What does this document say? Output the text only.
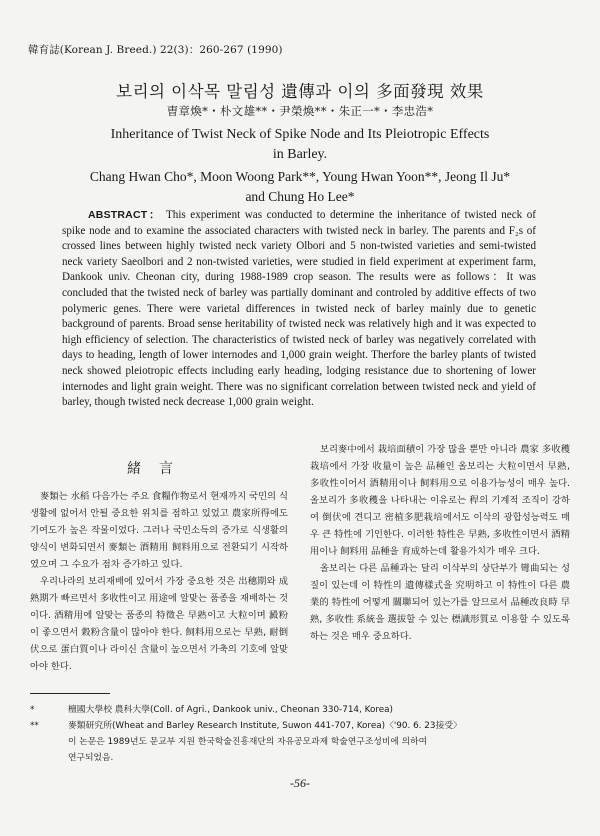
韓育誌(Korean J. Breed.) 22(3)：260-267 (1990)
보리의 이삭목 말림성 遺傳과 이의 多面發現 效果
曺章煥*・朴文雄**・尹榮煥**・朱正一*・李忠浩*
Inheritance of Twist Neck of Spike Node and Its Pleiotropic Effects
in Barley.
Chang Hwan Cho*, Moon Woong Park**, Young Hwan Yoon**, Jeong Il Ju*
and Chung Ho Lee*
ABSTRACT： This experiment was conducted to determine the inheritance of twisted neck of spike node and to examine the associated characters with twisted neck in barley. The parents and F₂s of crossed lines between highly twisted neck variety Olbori and 5 non-twisted varieties and semi-twisted neck variety Saeolbori and 2 non-twisted varieties, were studied in field experiment at experiment farm, Dankook univ. Cheonan city, during 1988-1989 crop season. The results were as follows：It was concluded that the twisted neck of barley was partially dominant and controled by additive effects of two polymeric genes. There were varietal differences in twisted neck of barley mainly due to genetic background of parents. Broad sense heritability of twisted neck was relatively high and it was expected to high efficiency of selection. The characteristics of twisted neck of barley was negatively correlated with days to heading, length of lower internodes and 1,000 grain weight. Therfore the barley plants of twisted neck showed pleiotropic effects including early heading, lodging resistance due to shortening of lower internodes and light grain weight. There was no significant correlation between twisted neck and yield of barley, though twisted neck decrease 1,000 grain weight.
緒言

麥類는 水稻 다음가는 주요 食糧作物로서 현재까지 국민의 식생활에 없어서 안될 중요한 위치를 점하고 있었고 農家所得에도 기여도가 높은 작물이었다. 그러나 국민소득의 증가로 식생활의 양식이 변화되면서 麥類는 酒精用 飼料用으로 전환되기 시작하였으며 그 수요가 점차 증가하고 있다.

우리나라의 보리재배에 있어서 가장 중요한 것은 出穗期와 成熟期가 빠르면서 多收性이고 用途에 알맞는 품종을 재배하는 것이다. 酒精用에 알맞는 품종의 特徵은 早熟이고 大粒이며 澱粉이 좋으면서 穀粉含量이 많아야 한다. 飼料用으로는 早熟, 耐倒伏으로 蛋白質이나 라이신 含量이 높으면서 가축의 기호에 알맞아야 한다.

보리麥中에서 栽培面積이 가장 많을 뿐만 아니라 農家 多收穫栽培에서 가장 收量이 높은 品種인 올보리는 大粒이면서 早熟, 多收性이어서 酒精用이나 飼料用으로 이용가능성이 매우 높다. 올보리가 多收穫을 나타내는 이유로는 稈의 기계적 조직이 강하여 倒伏에 견디고 密植多肥栽培에서도 이삭의 광합성능력도 매우 큰 特性에 기인한다. 이러한 特性은 早熟, 多收性이면서 酒精用이나 飼料用 品種을 育成하는데 활용가치가 매우 크다.

올보리는 다른 品種과는 달리 이삭부의 상단부가 彎曲되는 성질이 있는데 이 特性의 遺傳樣式을 究明하고 이 特性이 다른 農業的 特性에 어떻게 關聯되어 있는가를 알므로서 品種改良時 早熟, 多收性 系統을 選拔할 수 있는 標識形質로 이용할 수 있도록 하는 것은 매우 중요하다.

*	檀國大學校 農科大學(Coll. of Agri., Dankook univ., Cheonan 330-714, Korea)
**	麥類研究所(Wheat and Barley Research Institute, Suwon 441-707, Korea)〈'90. 6. 23接受〉
이 논문은 1989년도 문교부 지원 한국학술진흥재단의 자유공모과제 학술연구조성비에 의하여
연구되었음.
-56-
